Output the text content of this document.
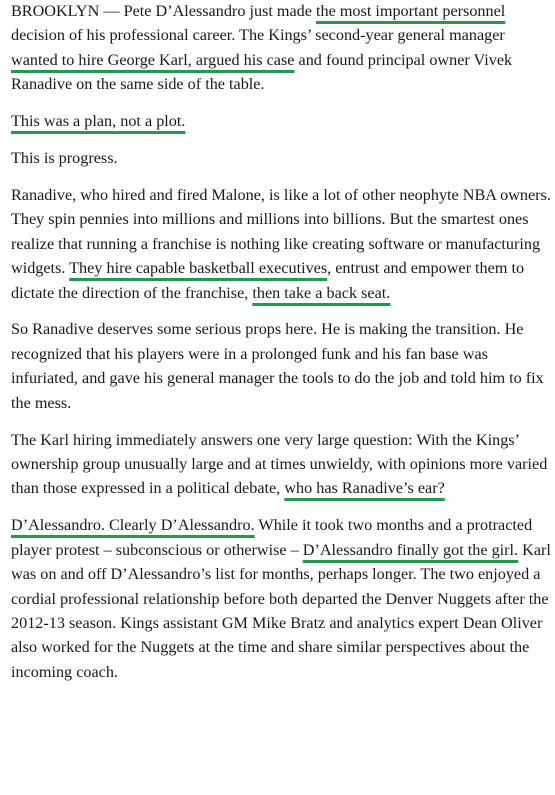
BROOKLYN — Pete D’Alessandro just made the most important personnel decision of his professional career. The Kings’ second-year general manager wanted to hire George Karl, argued his case and found principal owner Vivek Ranadive on the same side of the table.

This was a plan, not a plot.

This is progress.

Ranadive, who hired and fired Malone, is like a lot of other neophyte NBA owners. They spin pennies into millions and millions into billions. But the smartest ones realize that running a franchise is nothing like creating software or manufacturing widgets. They hire capable basketball executives, entrust and empower them to dictate the direction of the franchise, then take a back seat.

So Ranadive deserves some serious props here. He is making the transition. He recognized that his players were in a prolonged funk and his fan base was infuriated, and gave his general manager the tools to do the job and told him to fix the mess.

The Karl hiring immediately answers one very large question: With the Kings’ ownership group unusually large and at times unwieldy, with opinions more varied than those expressed in a political debate, who has Ranadive’s ear?

D’Alessandro. Clearly D’Alessandro. While it took two months and a protracted player protest – subconscious or otherwise – D’Alessandro finally got the girl. Karl was on and off D’Alessandro’s list for months, perhaps longer. The two enjoyed a cordial professional relationship before both departed the Denver Nuggets after the 2012-13 season. Kings assistant GM Mike Bratz and analytics expert Dean Oliver also worked for the Nuggets at the time and share similar perspectives about the incoming coach.
